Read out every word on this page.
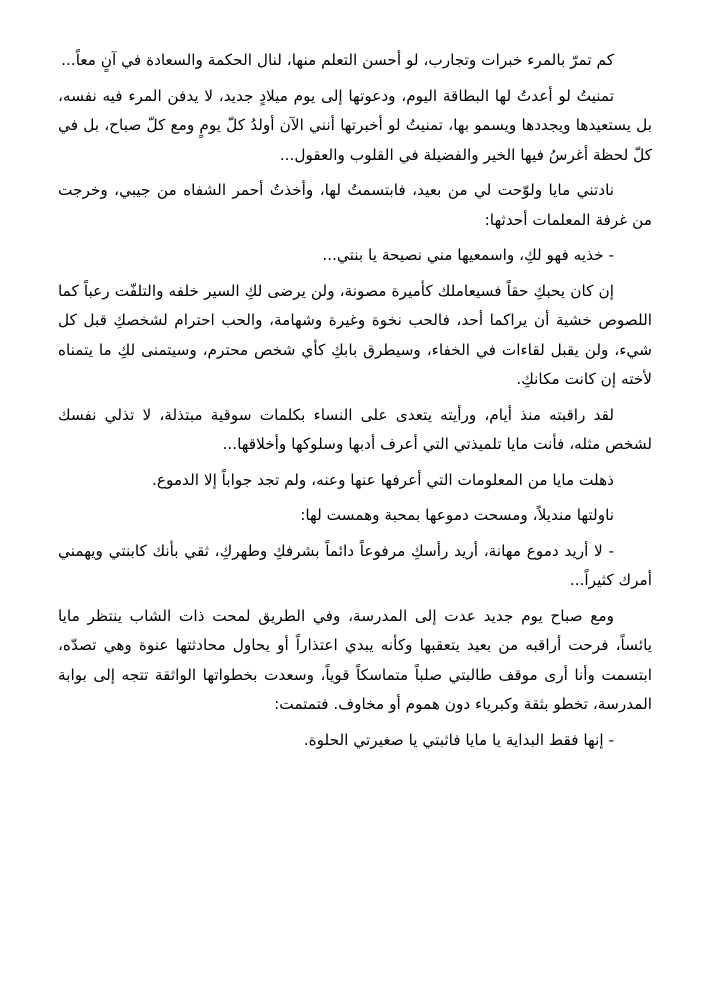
كم تمرّ بالمرء خبرات وتجارب، لو أحسن التعلم منها، لنال الحكمة والسعادة في آنٍ معاً...

تمنيتُ لو أعدتُ لها البطاقة اليوم، ودعوتها إلى يوم ميلادٍ جديد، لا يدفن المرء فيه نفسه، بل يستعيدها ويجددها ويسمو بها، تمنيتُ لو أخبرتها أنني الآن أولدُ كلّ يومٍ ومع كلّ صباح، بل في كلّ لحظة أغرسُ فيها الخير والفضيلة في القلوب والعقول...

نادتني مايا ولوّحت لي من بعيد، فابتسمتُ لها، وأخذتُ أحمر الشفاه من جيبي، وخرجت من غرفة المعلمات أحدثها:

- خذيه فهو لكِ، واسمعيها مني نصيحة يا بنتي...

إن كان يحبكِ حقاً فسيعاملك كأميرة مصونة، ولن يرضى لكِ السير خلفه والتلفّت رعباً كما اللصوص خشية أن يراكما أحد، فالحب نخوة وغيرة وشهامة، والحب احترام لشخصكِ قبل كل شيء، ولن يقبل لقاءات في الخفاء، وسيطرق بابكِ كأي شخص محترم، وسيتمنى لكِ ما يتمناه لأخته إن كانت مكانكِ.

لقد راقبته منذ أيام، ورأيته يتعدى على النساء بكلمات سوقية مبتذلة، لا تذلي نفسك لشخص مثله، فأنت مايا تلميذتي التي أعرف أدبها وسلوكها وأخلاقها...

ذهلت مايا من المعلومات التي أعرفها عنها وعنه، ولم تجد جواباً إلا الدموع.

ناولتها منديلاً، ومسحت دموعها بمحبة وهمست لها:

- لا أريد دموع مهانة، أريد رأسكِ مرفوعاً دائماً بشرفكِ وطهركِ، ثقي بأنك كابنتي ويهمني أمرك كثيراً...

ومع صباح يوم جديد عدت إلى المدرسة، وفي الطريق لمحت ذات الشاب ينتظر مايا يائساً، فرحت أراقبه من بعيد يتعقبها وكأنه يبدي اعتذاراً أو يحاول محادثتها عنوة وهي تصدّه، ابتسمت وأنا أرى موقف طالبتي صلباً متماسكاً قوياً، وسعدت بخطواتها الواثقة تتجه إلى بوابة المدرسة، تخطو بثقة وكبرياء دون هموم أو مخاوف. فتمتمت:

- إنها فقط البداية يا مايا فاثبتي يا صغيرتي الحلوة.
